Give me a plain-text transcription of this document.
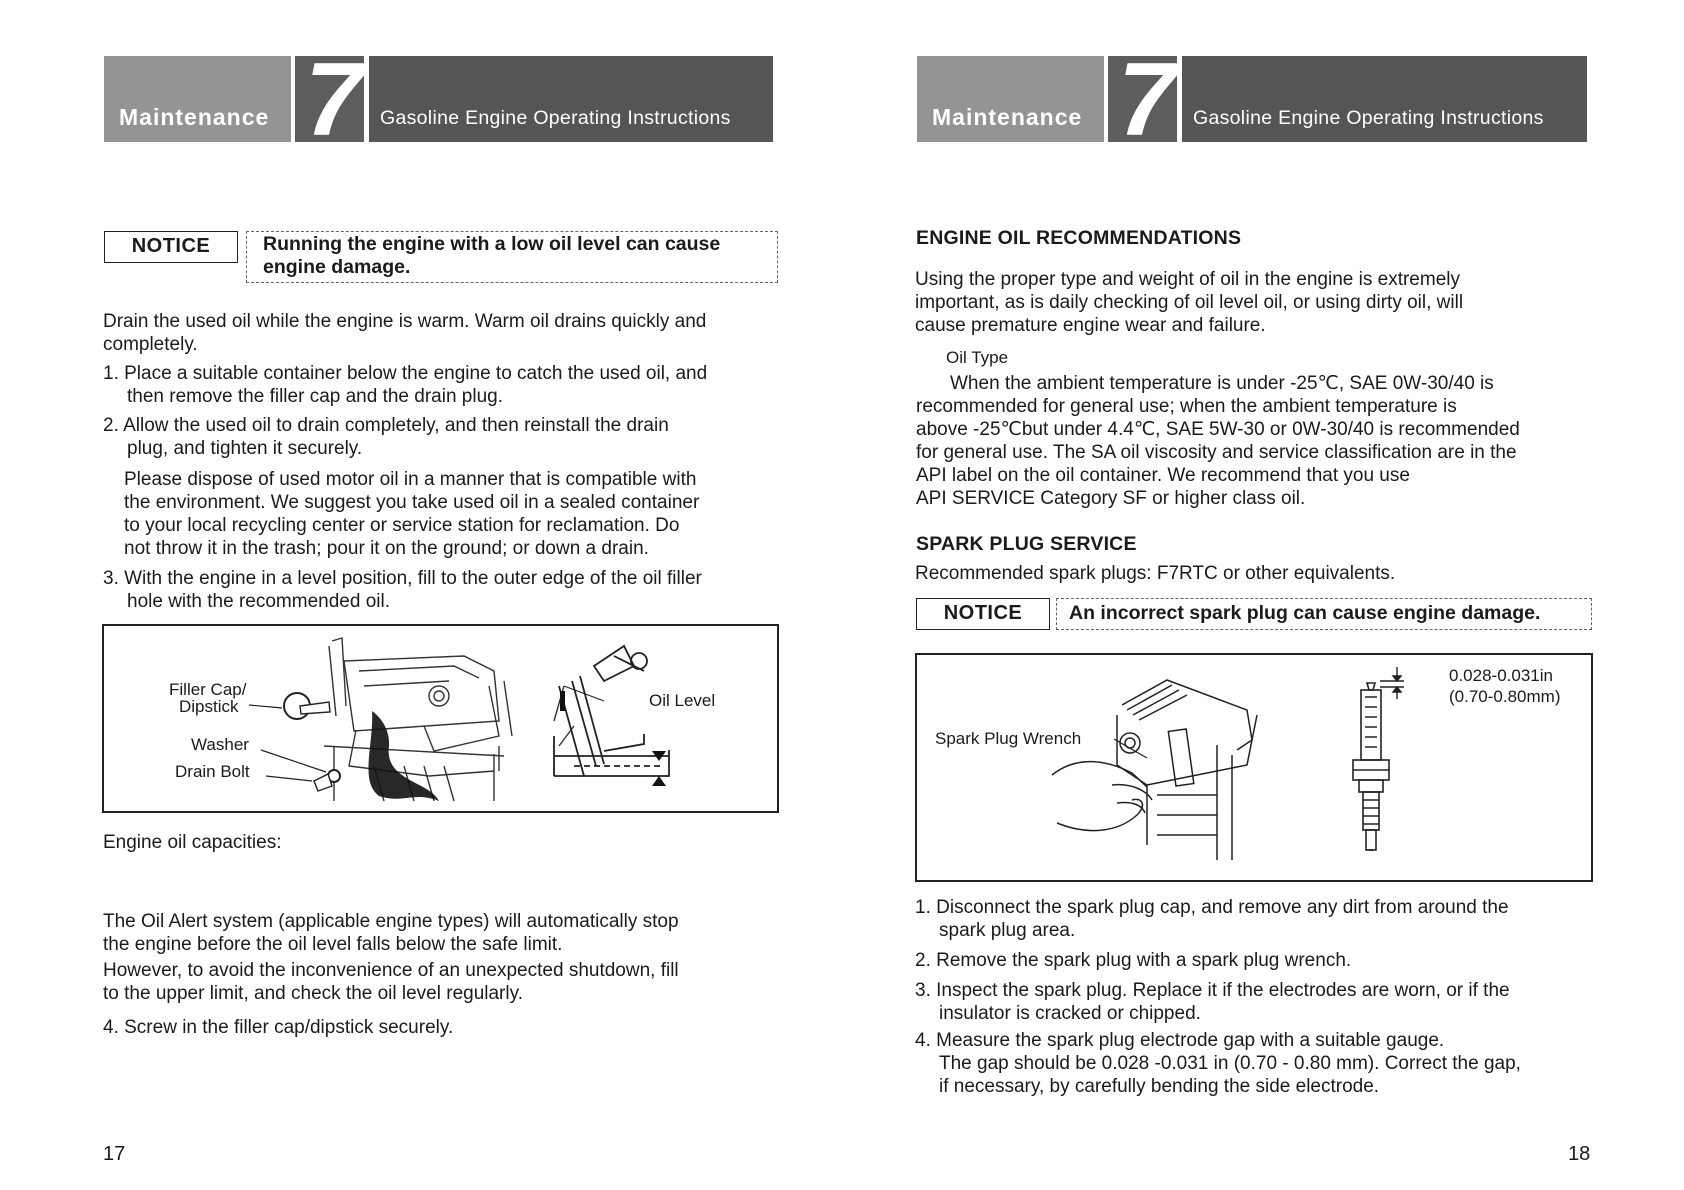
Maintenance 7 Gasoline Engine Operating Instructions
NOTICE	Running the engine with a low oil level can cause
engine damage.
Drain the used oil while the engine is warm. Warm oil drains quickly and
completely.
1. Place a suitable container below the engine to catch the used oil, and
then remove the filler cap and the drain plug.
2. Allow the used oil to drain completely, and then reinstall the drain
plug, and tighten it securely.
Please dispose of used motor oil in a manner that is compatible with
the environment. We suggest you take used oil in a sealed container
to your local recycling center or service station for reclamation. Do
not throw it in the trash; pour it on the ground; or down a drain.
3. With the engine in a level position, fill to the outer edge of the oil filler
hole with the recommended oil.
Filler Cap/
Dipstick
Washer
Drain Bolt
Oil Level
Engine oil capacities:
The Oil Alert system (applicable engine types) will automatically stop
the engine before the oil level falls below the safe limit.
However, to avoid the inconvenience of an unexpected shutdown, fill
to the upper limit, and check the oil level regularly.
4. Screw in the filler cap/dipstick securely.
17
Maintenance 7 Gasoline Engine Operating Instructions
ENGINE OIL RECOMMENDATIONS
Using the proper type and weight of oil in the engine is extremely
important, as is daily checking of oil level oil, or using dirty oil, will
cause premature engine wear and failure.
Oil Type
When the ambient temperature is under -25℃, SAE 0W-30/40 is
recommended for general use; when the ambient temperature is
above -25℃but under 4.4℃, SAE 5W-30 or 0W-30/40 is recommended
for general use. The SA oil viscosity and service classification are in the
API label on the oil container. We recommend that you use
API SERVICE Category SF or higher class oil.
SPARK PLUG SERVICE
Recommended spark plugs: F7RTC or other equivalents.
NOTICE	An incorrect spark plug can cause engine damage.
Spark Plug Wrench
0.028-0.031in
(0.70-0.80mm)
1. Disconnect the spark plug cap, and remove any dirt from around the
spark plug area.
2. Remove the spark plug with a spark plug wrench.
3. Inspect the spark plug. Replace it if the electrodes are worn, or if the
insulator is cracked or chipped.
4. Measure the spark plug electrode gap with a suitable gauge.
The gap should be 0.028 -0.031 in (0.70 - 0.80 mm). Correct the gap,
if necessary, by carefully bending the side electrode.
18
